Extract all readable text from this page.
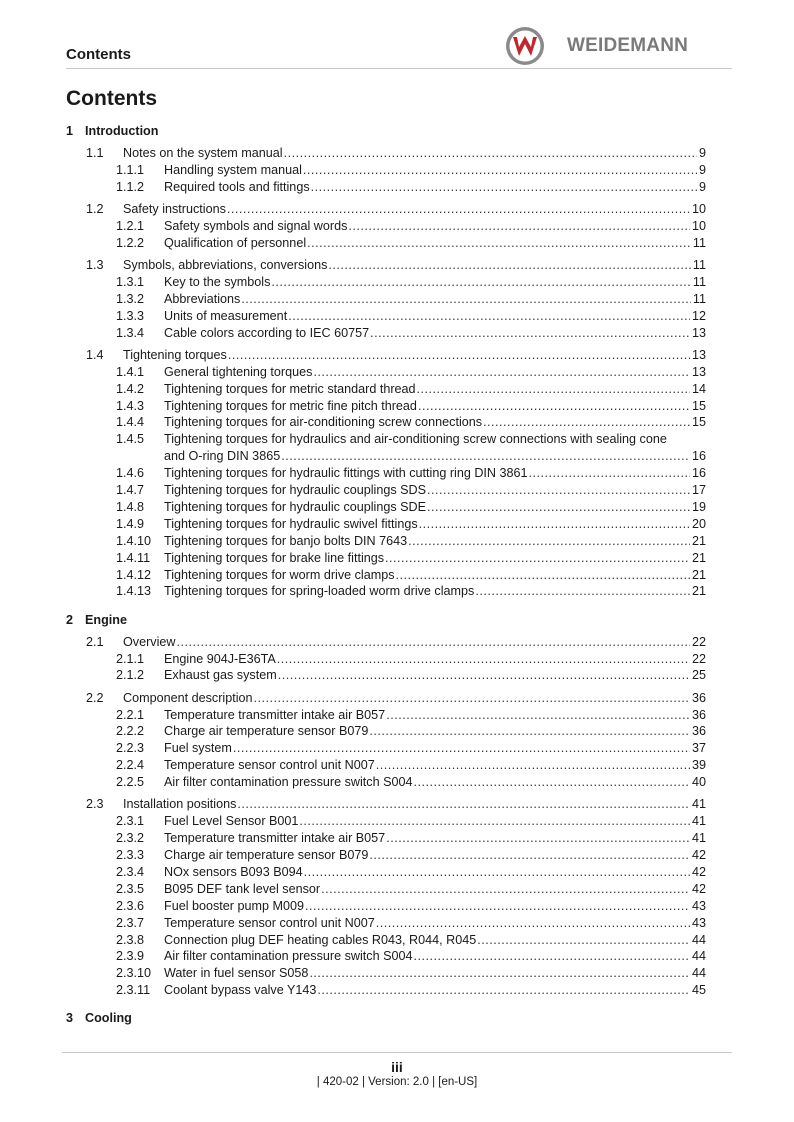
Contents	WEIDEMANN
Contents
1 Introduction
1.1	Notes on the system manual .....	9
1.1.1	Handling system manual .....	9
1.1.2	Required tools and fittings .....	9
1.2	Safety instructions .....	10
1.2.1	Safety symbols and signal words .....	10
1.2.2	Qualification of personnel .....	11
1.3	Symbols, abbreviations, conversions .....	11
1.3.1	Key to the symbols .....	11
1.3.2	Abbreviations .....	11
1.3.3	Units of measurement .....	12
1.3.4	Cable colors according to IEC 60757 .....	13
1.4	Tightening torques .....	13
1.4.1	General tightening torques .....	13
1.4.2	Tightening torques for metric standard thread .....	14
1.4.3	Tightening torques for metric fine pitch thread .....	15
1.4.4	Tightening torques for air-conditioning screw connections .....	15
1.4.5	Tightening torques for hydraulics and air-conditioning screw connections with sealing cone
and O-ring DIN 3865 .....	16
1.4.6	Tightening torques for hydraulic fittings with cutting ring DIN 3861 .....	16
1.4.7	Tightening torques for hydraulic couplings SDS .....	17
1.4.8	Tightening torques for hydraulic couplings SDE .....	19
1.4.9	Tightening torques for hydraulic swivel fittings .....	20
1.4.10	Tightening torques for banjo bolts DIN 7643 .....	21
1.4.11	Tightening torques for brake line fittings .....	21
1.4.12	Tightening torques for worm drive clamps .....	21
1.4.13	Tightening torques for spring-loaded worm drive clamps .....	21
2 Engine
2.1	Overview .....	22
2.1.1	Engine 904J-E36TA .....	22
2.1.2	Exhaust gas system .....	25
2.2	Component description .....	36
2.2.1	Temperature transmitter intake air B057 .....	36
2.2.2	Charge air temperature sensor B079 .....	36
2.2.3	Fuel system .....	37
2.2.4	Temperature sensor control unit N007 .....	39
2.2.5	Air filter contamination pressure switch S004 .....	40
2.3	Installation positions .....	41
2.3.1	Fuel Level Sensor B001 .....	41
2.3.2	Temperature transmitter intake air B057 .....	41
2.3.3	Charge air temperature sensor B079 .....	42
2.3.4	NOx sensors B093 B094 .....	42
2.3.5	B095 DEF tank level sensor .....	42
2.3.6	Fuel booster pump M009 .....	43
2.3.7	Temperature sensor control unit N007 .....	43
2.3.8	Connection plug DEF heating cables R043, R044, R045 .....	44
2.3.9	Air filter contamination pressure switch S004 .....	44
2.3.10	Water in fuel sensor S058 .....	44
2.3.11	Coolant bypass valve Y143 .....	45
3 Cooling
iii
| 420-02 | Version: 2.0 | [en-US]
